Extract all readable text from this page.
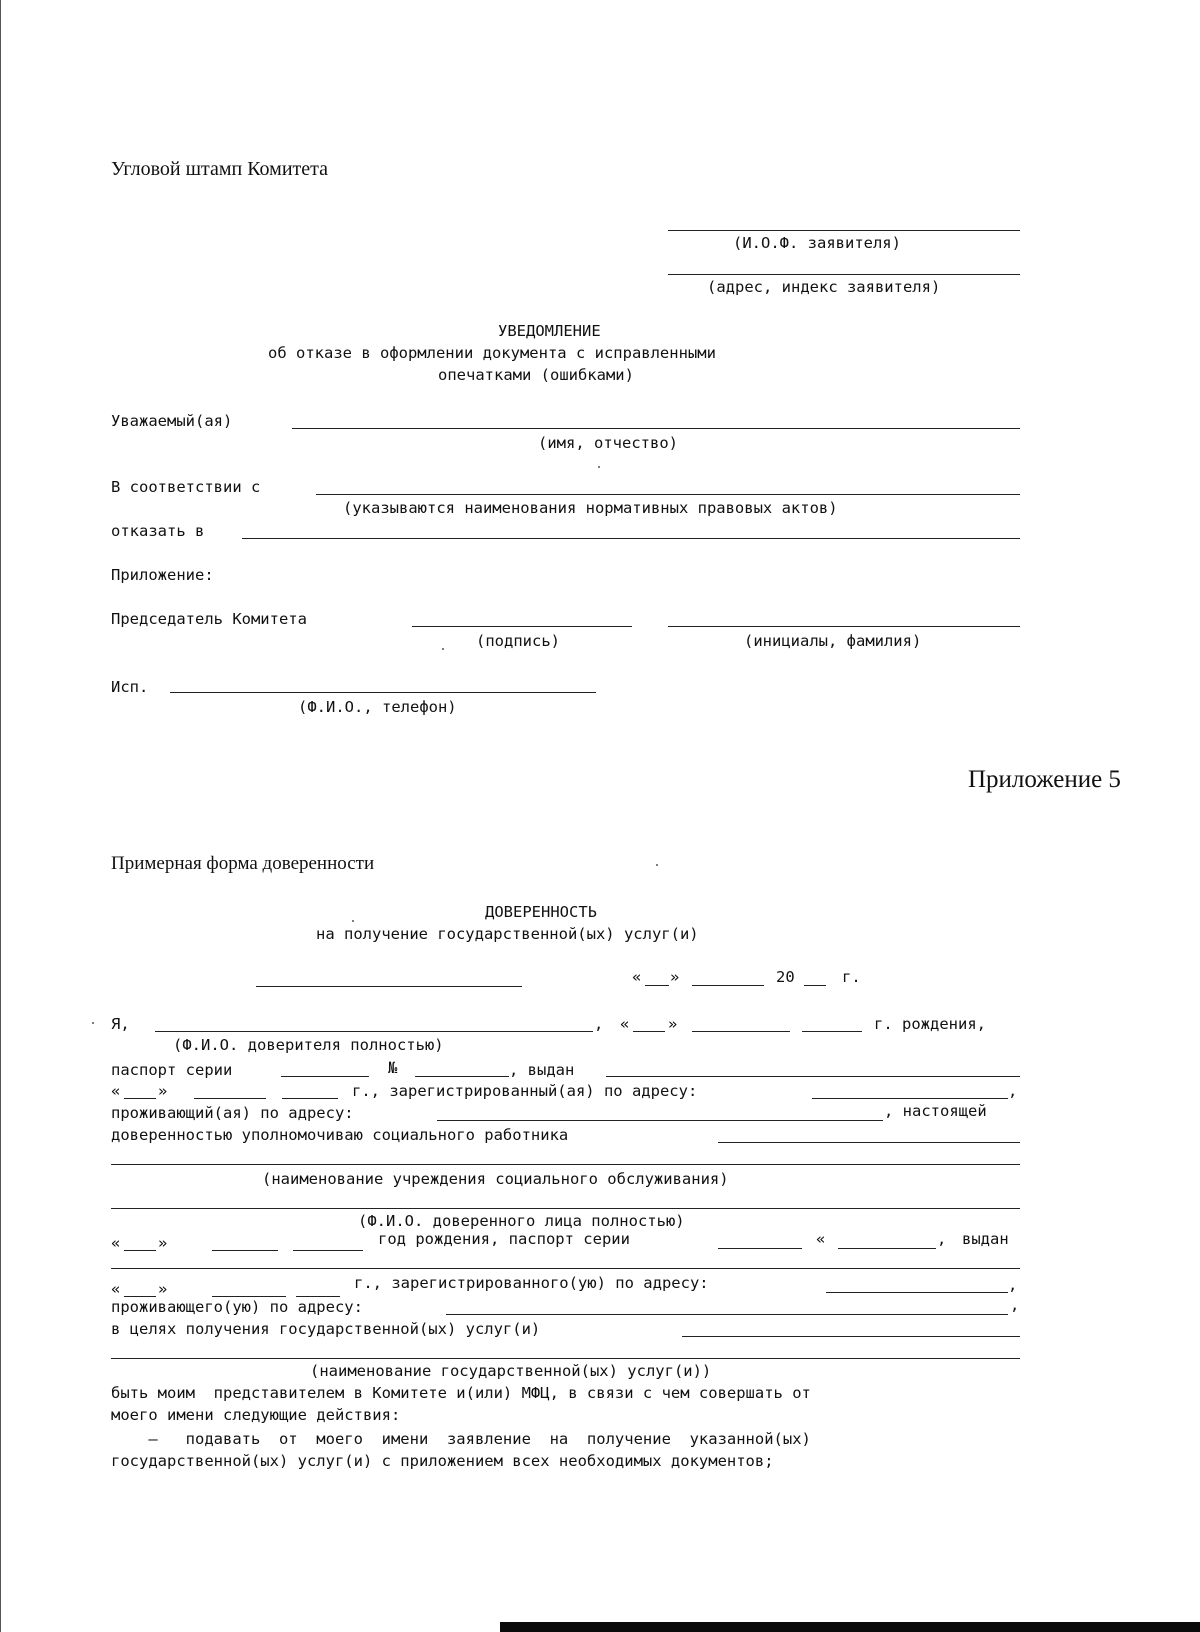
Угловой штамп Комитета
(И.О.Ф. заявителя)
(адрес, индекс заявителя)
УВЕДОМЛЕНИЕ
об отказе в оформлении документа с исправленными
опечатками (ошибками)
Уважаемый(ая)
(имя, отчество)
В соответствии с
(указываются наименования нормативных правовых актов)
отказать в
Приложение:
Председатель Комитета
(подпись)	(инициалы, фамилия)
Исп.
(Ф.И.О., телефон)
Приложение 5
Примерная форма доверенности
ДОВЕРЕННОСТЬ
на получение государственной(ых) услуг(и)
« »	20	г.
Я,	, « »	г. рождения,
(Ф.И.О. доверителя полностью)
паспорт серии	№	, выдан
« »	г., зарегистрированный(ая) по адресу:	,
проживающий(ая) по адресу:	, настоящей
доверенностью уполномочиваю социального работника
(наименование учреждения социального обслуживания)
(Ф.И.О. доверенного лица полностью)
« »	год рождения, паспорт серии	«	, выдан
« »	г., зарегистрированного(ую) по адресу:	,
проживающего(ую) по адресу:	,
в целях получения государственной(ых) услуг(и)
(наименование государственной(ых) услуг(и))
быть моим  представителем в Комитете и(или) МФЦ, в связи с чем совершать от
моего имени следующие действия:
–   подавать  от  моего  имени  заявление  на  получение  указанной(ых)
государственной(ых) услуг(и) с приложением всех необходимых документов;
